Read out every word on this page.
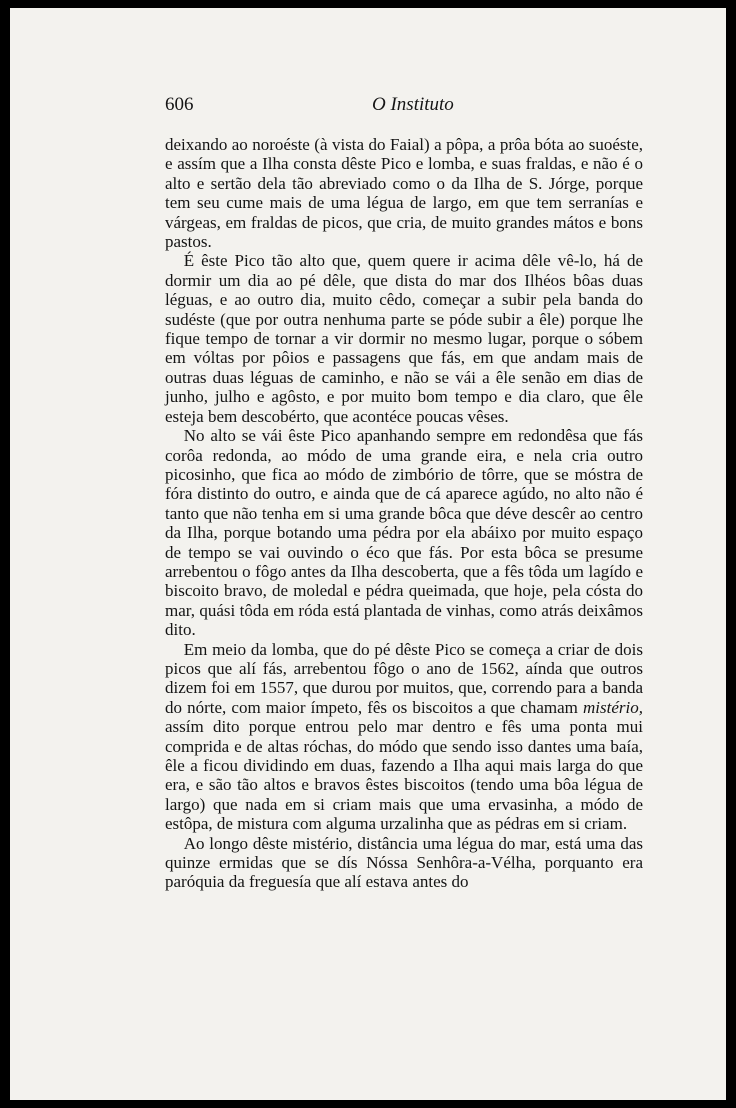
606	O Instituto

deixando ao noroéste (à vista do Faial) a pôpa, a prôa bóta ao suoéste, e assím que a Ilha consta dêste Pico e lomba, e suas fraldas, e não é o alto e sertão dela tão abreviado como o da Ilha de S. Jórge, porque tem seu cume mais de uma légua de largo, em que tem serranías e várgeas, em fraldas de picos, que cria, de muito grandes mátos e bons pastos.

É êste Pico tão alto que, quem quere ir acima dêle vê-lo, há de dormir um dia ao pé dêle, que dista do mar dos Ilhéos bôas duas léguas, e ao outro dia, muito cêdo, começar a subir pela banda do sudéste (que por outra nenhuma parte se póde subir a êle) porque lhe fique tempo de tornar a vir dormir no mesmo lugar, porque o sóbem em vóltas por pôios e passagens que fás, em que andam mais de outras duas léguas de caminho, e não se vái a êle senão em dias de junho, julho e agôsto, e por muito bom tempo e dia claro, que êle esteja bem descobérto, que acontéce poucas vêses.

No alto se vái êste Pico apanhando sempre em redondêsa que fás corôa redonda, ao módo de uma grande eira, e nela cria outro picosinho, que fica ao módo de zimbório de tôrre, que se móstra de fóra distinto do outro, e ainda que de cá aparece agúdo, no alto não é tanto que não tenha em si uma grande bôca que déve descêr ao centro da Ilha, porque botando uma pédra por ela abáixo por muito espaço de tempo se vai ouvindo o éco que fás. Por esta bôca se presume arrebentou o fôgo antes da Ilha descoberta, que a fês tôda um lagído e biscoito bravo, de moledal e pédra queimada, que hoje, pela cósta do mar, quási tôda em róda está plantada de vinhas, como atrás deixâmos dito.

Em meio da lomba, que do pé dêste Pico se começa a criar de dois picos que alí fás, arrebentou fôgo o ano de 1562, aínda que outros dizem foi em 1557, que durou por muitos, que, correndo para a banda do nórte, com maior ímpeto, fês os biscoitos a que chamam mistério, assím dito porque entrou pelo mar dentro e fês uma ponta mui comprida e de altas róchas, do módo que sendo isso dantes uma baía, êle a ficou dividindo em duas, fazendo a Ilha aqui mais larga do que era, e são tão altos e bravos êstes biscoitos (tendo uma bôa légua de largo) que nada em si criam mais que uma ervasinha, a módo de estôpa, de mistura com alguma urzalinha que as pédras em si criam.

Ao longo dêste mistério, distância uma légua do mar, está uma das quinze ermidas que se dís Nóssa Senhôra-a-Vélha, porquanto era paróquia da freguesía que alí estava antes do
